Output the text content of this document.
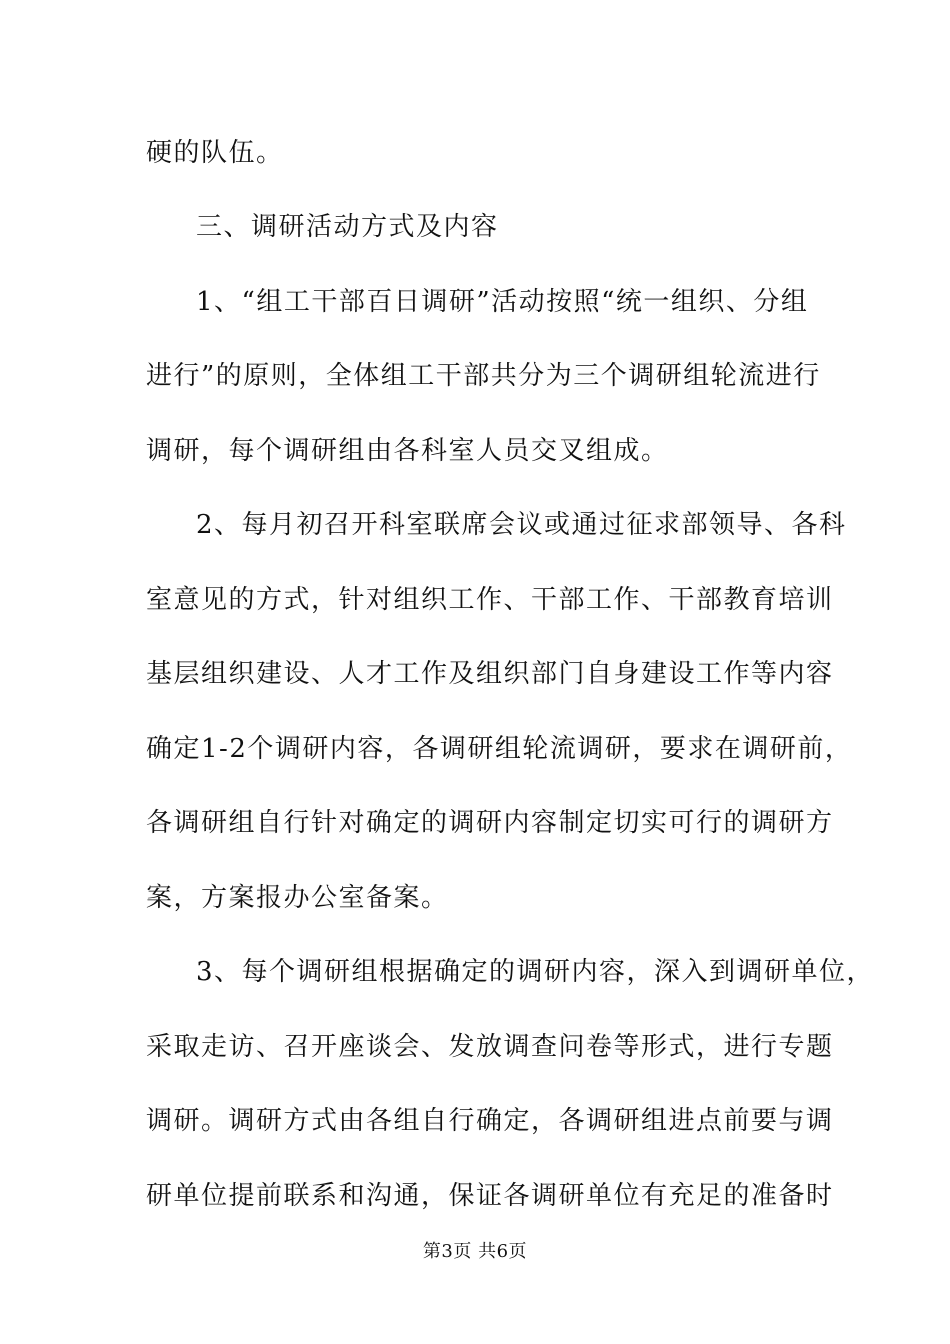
硬的队伍。
三、调研活动方式及内容
1、“组工干部百日调研”活动按照“统一组织、分组
进行”的原则，全体组工干部共分为三个调研组轮流进行
调研，每个调研组由各科室人员交叉组成。
2、每月初召开科室联席会议或通过征求部领导、各科
室意见的方式，针对组织工作、干部工作、干部教育培训
基层组织建设、人才工作及组织部门自身建设工作等内容
确定1-2个调研内容，各调研组轮流调研，要求在调研前，
各调研组自行针对确定的调研内容制定切实可行的调研方
案，方案报办公室备案。
3、每个调研组根据确定的调研内容，深入到调研单位，
采取走访、召开座谈会、发放调查问卷等形式，进行专题
调研。调研方式由各组自行确定，各调研组进点前要与调
研单位提前联系和沟通，保证各调研单位有充足的准备时
第3页 共6页
